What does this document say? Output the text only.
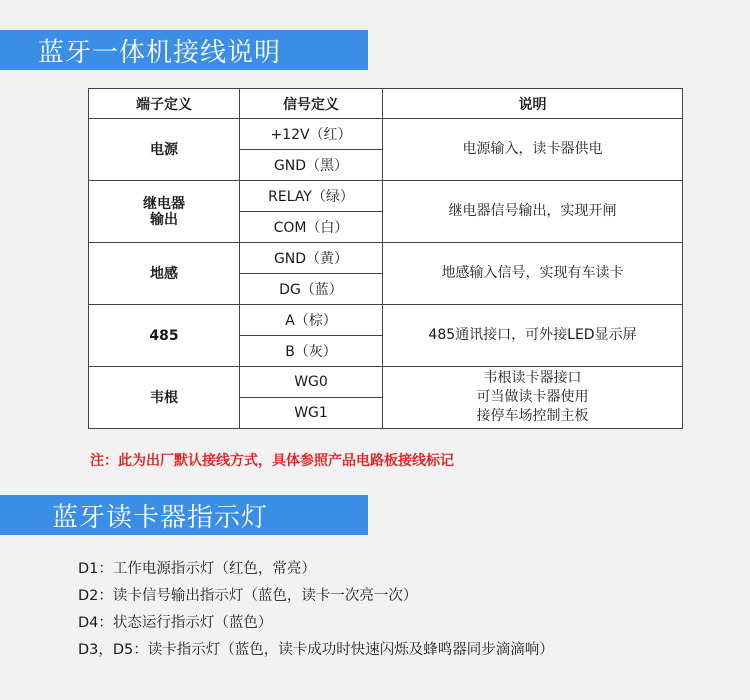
蓝牙一体机接线说明
端子定义	信号定义	说明
电源	+12V（红）	电源输入，读卡器供电
	GND（黑）	
继电器
输出	RELAY（绿）	继电器信号输出，实现开闸
	COM（白）	
地感	GND（黄）	地感输入信号，实现有车读卡
	DG（蓝）	
485	A（棕）	485通讯接口，可外接LED显示屏
	B（灰）	
韦根	WG0	韦根读卡器接口
可当做读卡器使用
接停车场控制主板
	WG1	
注：此为出厂默认接线方式，具体参照产品电路板接线标记
蓝牙读卡器指示灯
D1：工作电源指示灯（红色，常亮）
D2：读卡信号输出指示灯（蓝色，读卡一次亮一次）
D4：状态运行指示灯（蓝色）
D3，D5：读卡指示灯（蓝色，读卡成功时快速闪烁及蜂鸣器同步滴滴响）
